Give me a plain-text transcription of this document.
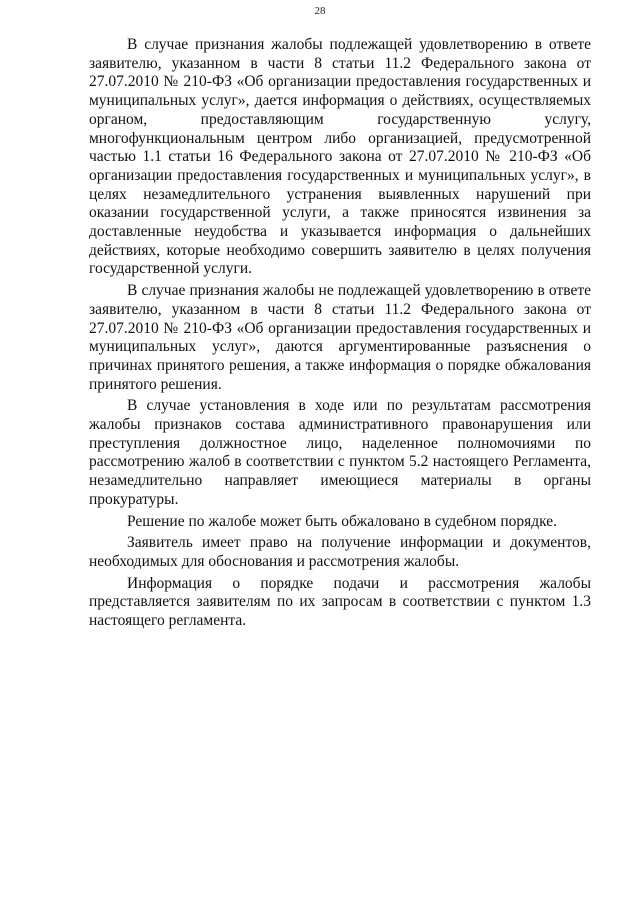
28

В случае признания жалобы подлежащей удовлетворению в ответе заявителю, указанном в части 8 статьи 11.2 Федерального закона от 27.07.2010 № 210-ФЗ «Об организации предоставления государственных и муниципальных услуг», дается информация о действиях, осуществляемых органом, предоставляющим государственную услугу, многофункциональным центром либо организацией, предусмотренной частью 1.1 статьи 16 Федерального закона от 27.07.2010 № 210-ФЗ «Об организации предоставления государственных и муниципальных услуг», в целях незамедлительного устранения выявленных нарушений при оказании государственной услуги, а также приносятся извинения за доставленные неудобства и указывается информация о дальнейших действиях, которые необходимо совершить заявителю в целях получения государственной услуги.

В случае признания жалобы не подлежащей удовлетворению в ответе заявителю, указанном в части 8 статьи 11.2 Федерального закона от 27.07.2010 № 210-ФЗ «Об организации предоставления государственных и муниципальных услуг», даются аргументированные разъяснения о причинах принятого решения, а также информация о порядке обжалования принятого решения.

В случае установления в ходе или по результатам рассмотрения жалобы признаков состава административного правонарушения или преступления должностное лицо, наделенное полномочиями по рассмотрению жалоб в соответствии с пунктом 5.2 настоящего Регламента, незамедлительно направляет имеющиеся материалы в органы прокуратуры.

Решение по жалобе может быть обжаловано в судебном порядке.

Заявитель имеет право на получение информации и документов, необходимых для обоснования и рассмотрения жалобы.

Информация о порядке подачи и рассмотрения жалобы представляется заявителям по их запросам в соответствии с пунктом 1.3 настоящего регламента.
